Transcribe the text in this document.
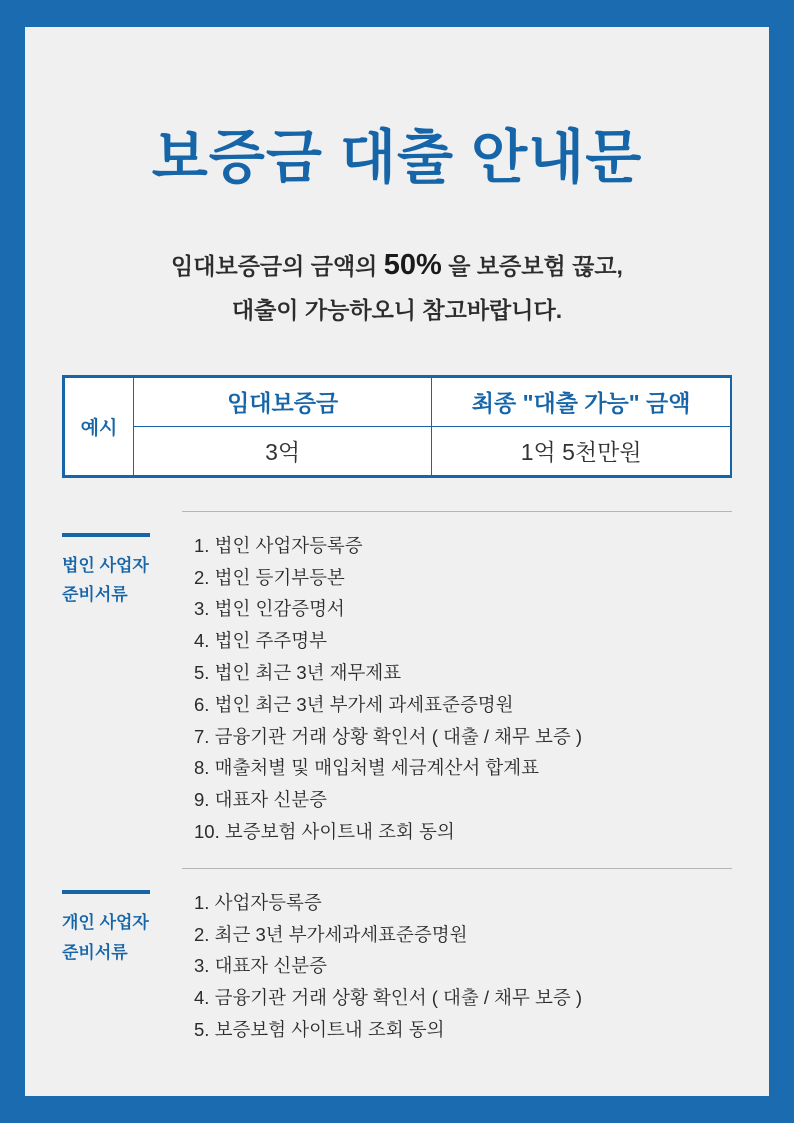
보증금 대출 안내문
임대보증금의 금액의 50% 을 보증보험 끊고,
대출이 가능하오니 참고바랍니다.
예시	임대보증금	최종 "대출 가능" 금액
	3억	1억 5천만원
법인 사업자
준비서류
1. 법인 사업자등록증
2. 법인 등기부등본
3. 법인 인감증명서
4. 법인 주주명부
5. 법인 최근 3년 재무제표
6. 법인 최근 3년 부가세 과세표준증명원
7. 금융기관 거래 상황 확인서 ( 대출 / 채무 보증 )
8. 매출처별 및 매입처별 세금계산서 합계표
9. 대표자 신분증
10. 보증보험 사이트내 조회 동의
개인 사업자
준비서류
1. 사업자등록증
2. 최근 3년 부가세과세표준증명원
3. 대표자 신분증
4. 금융기관 거래 상황 확인서 ( 대출 / 채무 보증 )
5. 보증보험 사이트내 조회 동의
